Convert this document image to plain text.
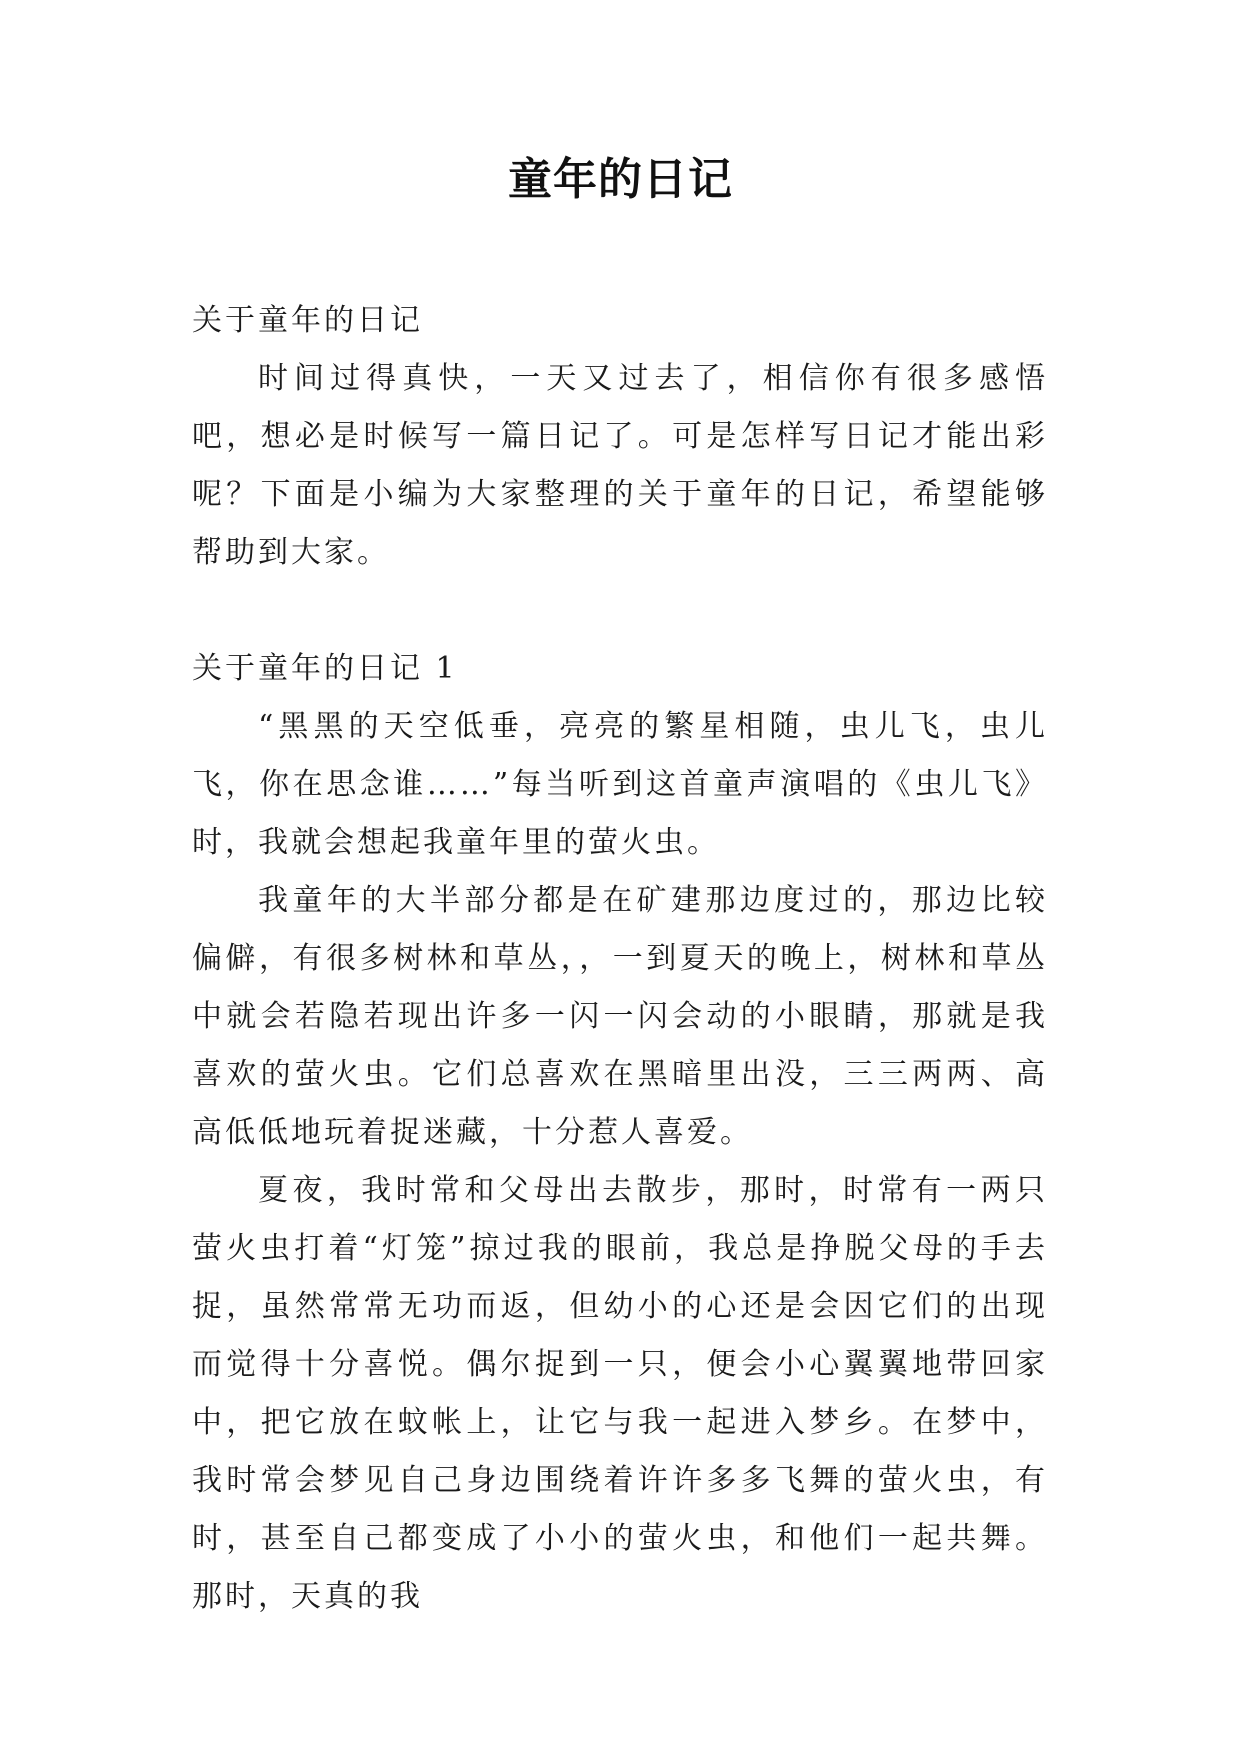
童年的日记

关于童年的日记

时间过得真快，一天又过去了，相信你有很多感悟吧，想必是时候写一篇日记了。可是怎样写日记才能出彩呢？下面是小编为大家整理的关于童年的日记，希望能够帮助到大家。

关于童年的日记 1

“黑黑的天空低垂，亮亮的繁星相随，虫儿飞，虫儿飞，你在思念谁……”每当听到这首童声演唱的《虫儿飞》时，我就会想起我童年里的萤火虫。

我童年的大半部分都是在矿建那边度过的，那边比较偏僻，有很多树林和草丛，，一到夏天的晚上，树林和草丛中就会若隐若现出许多一闪一闪会动的小眼睛，那就是我喜欢的萤火虫。它们总喜欢在黑暗里出没，三三两两、高高低低地玩着捉迷藏，十分惹人喜爱。

夏夜，我时常和父母出去散步，那时，时常有一两只萤火虫打着“灯笼”掠过我的眼前，我总是挣脱父母的手去捉，虽然常常无功而返，但幼小的心还是会因它们的出现而觉得十分喜悦。偶尔捉到一只，便会小心翼翼地带回家中，把它放在蚊帐上，让它与我一起进入梦乡。在梦中，我时常会梦见自己身边围绕着许许多多飞舞的萤火虫，有时，甚至自己都变成了小小的萤火虫，和他们一起共舞。那时，天真的我
